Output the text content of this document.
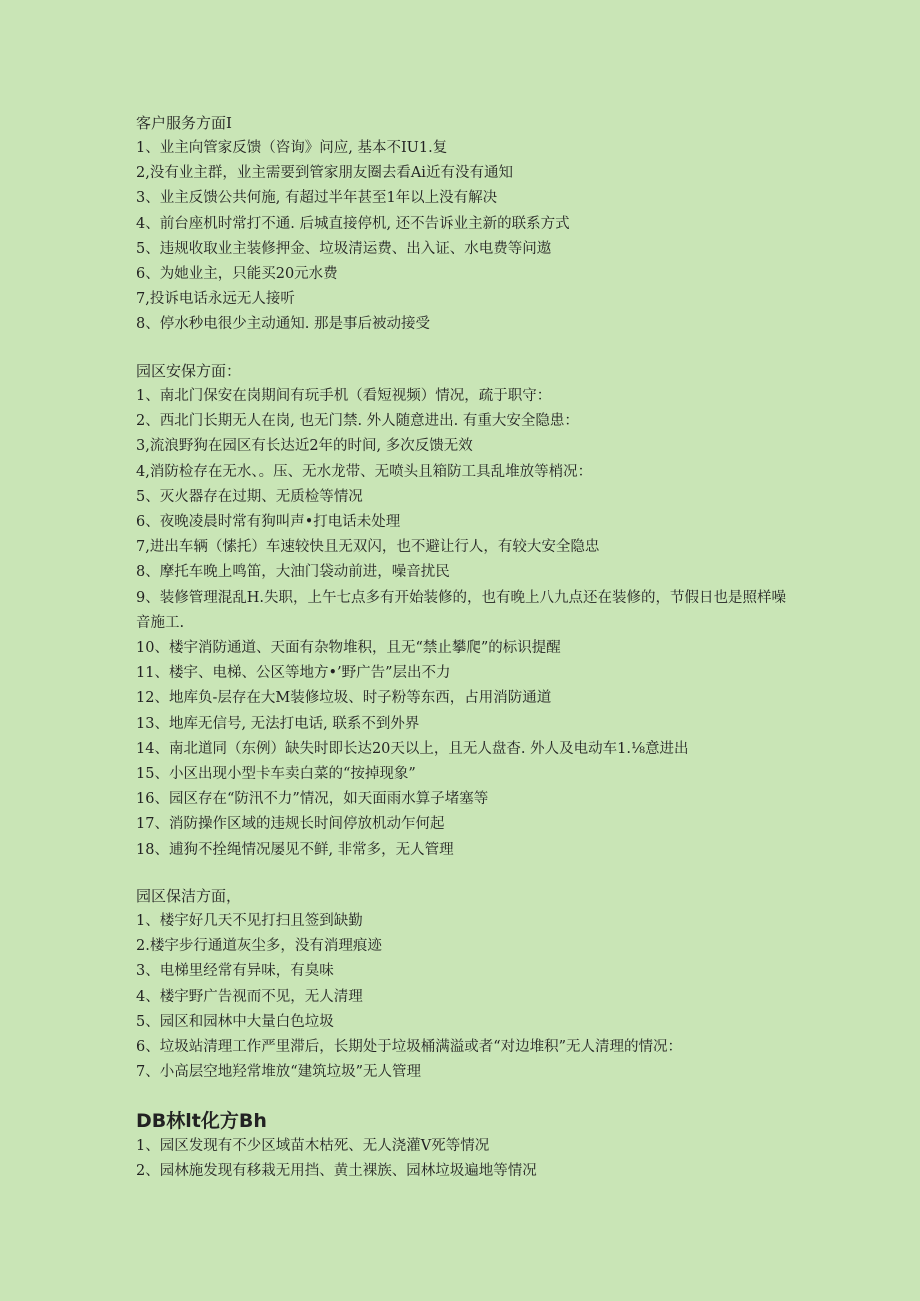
客户服务方面Ⅰ
1、业主向管家反馈（咨询》问应, 基本不IU1.复
2,没有业主群，业主需要到管家朋友圈去看Ai近有没有通知
3、业主反馈公共何施, 有超过半年甚至1年以上没有解决
4、前台座机时常打不通. 后城直接停机, 还不告诉业主新的联系方式
5、违规收取业主装修押金、垃圾清运费、出入证、水电费等问遨
6、为她业主，只能买20元水费
7,投诉电话永远无人接听
8、停水秒电很少主动通知. 那是事后被动接受
园区安保方面：
1、南北门保安在岗期间有玩手机（看短视频）情况，疏于职守：
2、西北门长期无人在岗, 也无门禁. 外人随意进出. 有重大安全隐患：
3,流浪野狗在园区有长达近2年的时间, 多次反馈无效
4,消防检存在无水、。压、无水龙带、无喷头且箱防工具乱堆放等梢况：
5、灭火器存在过期、无质检等情况
6、夜晚凌晨时常有狗叫声•打电话未处理
7,进出车辆（愫托）车速较快且无双闪，也不避让行人，有较大安全隐忠
8、摩托车晚上鸣笛，大油门袋动前进，噪音扰民
9、装修管理混乱H.失职，上午七点多有开始装修的，也有晚上八九点还在装修的，节假日也是照样噪音施工.
10、楼宇消防通道、天面有杂物堆积，且无“禁止攀爬”的标识提醒
11、楼宇、电梯、公区等地方•’野广告”层出不力
12、地库负-层存在大M装修垃圾、时子粉等东西，占用消防通道
13、地库无信号, 无法打电话, 联系不到外界
14、南北道同（东例）缺失时即长达20天以上，且无人盘杳. 外人及电动车1.⅛意进出
15、小区出现小型卡车卖白菜的“按掉现象”
16、园区存在“防汛不力”情况，如天面雨水算子堵塞等
17、消防操作区域的违规长时间停放机动乍何起
18、逋狗不拴绳情况屡见不鲜, 非常多，无人管理
园区保洁方面，
1、楼宇好几天不见打扫且签到缺勤
2.楼宇步行通道灰尘多，没有消理痕迹
3、电梯里经常有异味，有臭味
4、楼宇野广告视而不见，无人清理
5、园区和园林中大量白色垃圾
6、垃圾站清理工作严里滞后，长期处于垃圾桶满溢或者“对边堆积”无人清理的情况：
7、小高层空地羟常堆放“建筑垃圾”无人管理
DB林lt化方Bh
1、园区发现有不少区域苗木枯死、无人浇灌V死等情况
2、园林施发现有移栽无用挡、黄土裸族、园林垃圾遍地等情况
